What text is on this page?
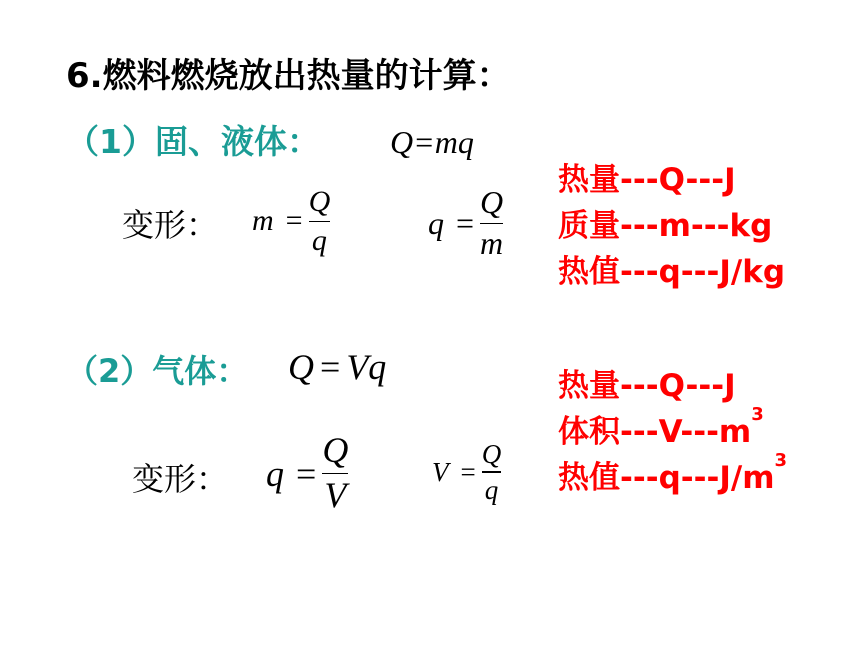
6.燃料燃烧放出热量的计算：
（1）固、液体： Q=mq
变形： $m = \frac{Q}{q}$	$q = \frac{Q}{m}$
热量---Q---J
质量---m---kg
热值---q---J/kg
（2）气体： Q = Vq	热量---Q---J
体积$---V---m^3$
热值$---q---J/m^3$
变形： $q = \frac{Q}{V}$	$V = \frac{Q}{q}$
